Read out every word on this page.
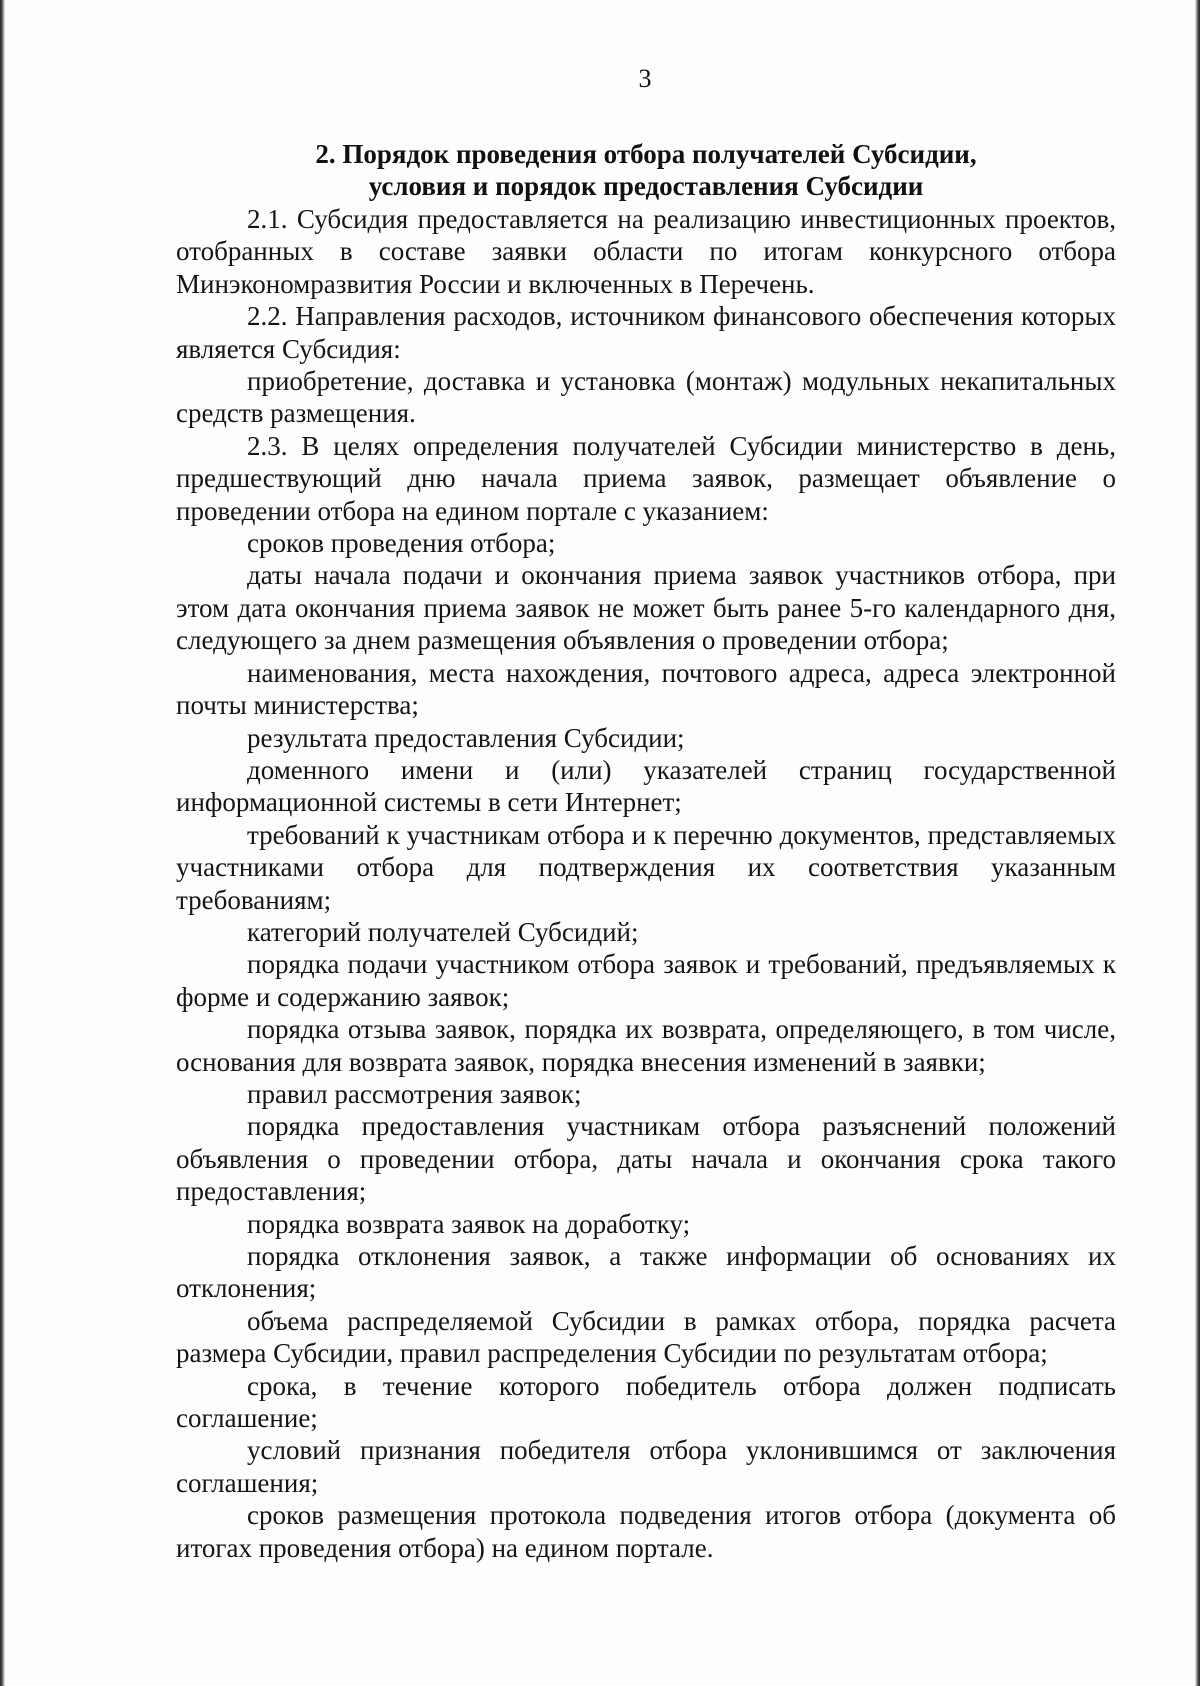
3
2. Порядок проведения отбора получателей Субсидии,
условия и порядок предоставления Субсидии

2.1. Субсидия предоставляется на реализацию инвестиционных проектов, отобранных в составе заявки области по итогам конкурсного отбора Минэкономразвития России и включенных в Перечень.

2.2. Направления расходов, источником финансового обеспечения которых является Субсидия:

приобретение, доставка и установка (монтаж) модульных некапитальных средств размещения.

2.3. В целях определения получателей Субсидии министерство в день, предшествующий дню начала приема заявок, размещает объявление о проведении отбора на едином портале с указанием:

сроков проведения отбора;

даты начала подачи и окончания приема заявок участников отбора, при этом дата окончания приема заявок не может быть ранее 5-го календарного дня, следующего за днем размещения объявления о проведении отбора;

наименования, места нахождения, почтового адреса, адреса электронной почты министерства;

результата предоставления Субсидии;

доменного имени и (или) указателей страниц государственной информационной системы в сети Интернет;

требований к участникам отбора и к перечню документов, представляемых участниками отбора для подтверждения их соответствия указанным требованиям;

категорий получателей Субсидий;

порядка подачи участником отбора заявок и требований, предъявляемых к форме и содержанию заявок;

порядка отзыва заявок, порядка их возврата, определяющего, в том числе, основания для возврата заявок, порядка внесения изменений в заявки;

правил рассмотрения заявок;

порядка предоставления участникам отбора разъяснений положений объявления о проведении отбора, даты начала и окончания срока такого предоставления;

порядка возврата заявок на доработку;

порядка отклонения заявок, а также информации об основаниях их отклонения;

объема распределяемой Субсидии в рамках отбора, порядка расчета размера Субсидии, правил распределения Субсидии по результатам отбора;

срока, в течение которого победитель отбора должен подписать соглашение;

условий признания победителя отбора уклонившимся от заключения соглашения;

сроков размещения протокола подведения итогов отбора (документа об итогах проведения отбора) на едином портале.
